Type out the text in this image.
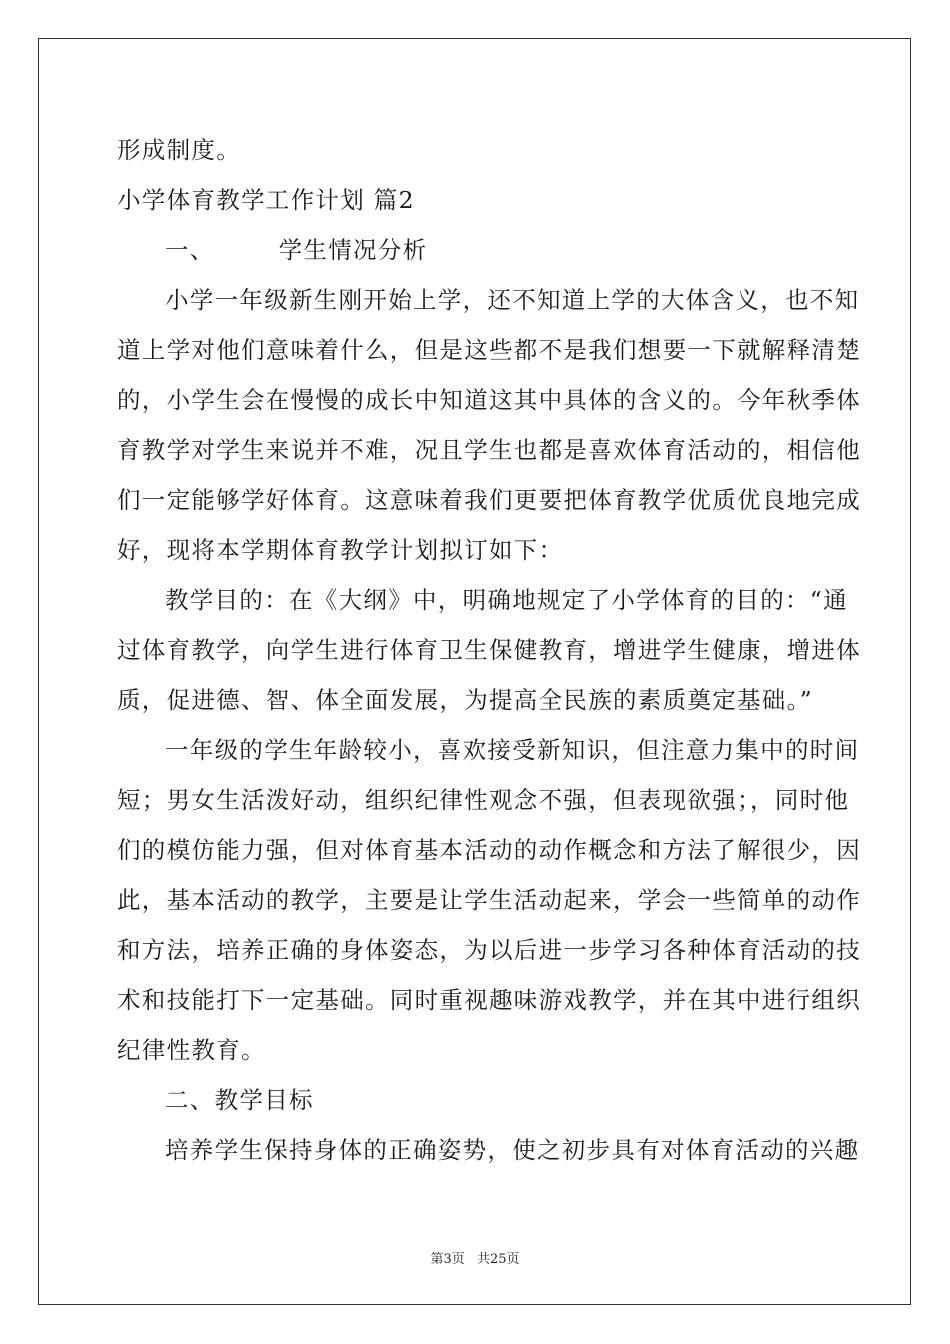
形成制度。
小学体育教学工作计划 篇2
一、	学生情况分析
小学一年级新生刚开始上学，还不知道上学的大体含义，也不知
道上学对他们意味着什么，但是这些都不是我们想要一下就解释清楚
的，小学生会在慢慢的成长中知道这其中具体的含义的。今年秋季体
育教学对学生来说并不难，况且学生也都是喜欢体育活动的，相信他
们一定能够学好体育。这意味着我们更要把体育教学优质优良地完成
好，现将本学期体育教学计划拟订如下：
教学目的：在《大纲》中，明确地规定了小学体育的目的：“通
过体育教学，向学生进行体育卫生保健教育，增进学生健康，增进体
质，促进德、智、体全面发展，为提高全民族的素质奠定基础。”
一年级的学生年龄较小，喜欢接受新知识，但注意力集中的时间
短；男女生活泼好动，组织纪律性观念不强，但表现欲强；，同时他
们的模仿能力强，但对体育基本活动的动作概念和方法了解很少，因
此，基本活动的教学，主要是让学生活动起来，学会一些简单的动作
和方法，培养正确的身体姿态，为以后进一步学习各种体育活动的技
术和技能打下一定基础。同时重视趣味游戏教学，并在其中进行组织
纪律性教育。
二、教学目标
培养学生保持身体的正确姿势，使之初步具有对体育活动的兴趣
第3页 共25页
